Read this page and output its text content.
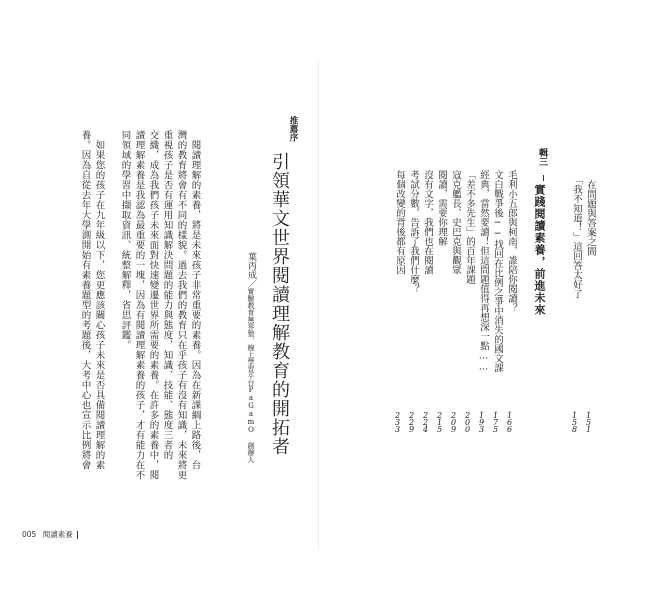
推薦序
引領華文世界閱讀理解教育的開拓者
葉丙成／實驗教育無界塾、線上學習平台PaGamO 創辦人
閱讀理解的素養，將是未來孩子非常重要的素養。因為在新課綱上路後，台
灣的教育將會有不同的樣貌。過去我們的教育只在乎孩子有沒有知識，未來將更
重視孩子是否有運用知識解決問題的能力與態度，知識、技能、態度三者的
交織，成為我們孩子未來面對快速變遷世界所需要的素養。在許多的素養中，閱
讀理解素養是我認為最重要的一塊，因為有閱讀理解素養的孩子，才有能力在不
同領域的學習中擷取資訊、統整解釋，省思評鑑。
如果您的孩子在九年級以下，您更應該關心孩子未來是否具備閱讀理解的素
養。因為自從去年大學測開始有素養題型的考題後，大考中心也宣示比例將會
005 閱讀素養
在問題與答案之間
151
「我不知道！」這回答太好了
158
輯三
實踐閱讀素養，前進未來
毛利小五郎與柯南，誰陪你閱讀？
166
文白戰爭後──找回在比例之爭中消失的國文課
175
經典，當然要讀！但這問題值得再想深一點……
193
「差不多先生」的百年課題
200
寇克艦長、史巴克與觀眾
209
閱讀，需要你理解
215
沒有文字，我們也在閱讀
224
考試分數，告訴了我們什麼？
229
每個改變的背後都有原因
233
